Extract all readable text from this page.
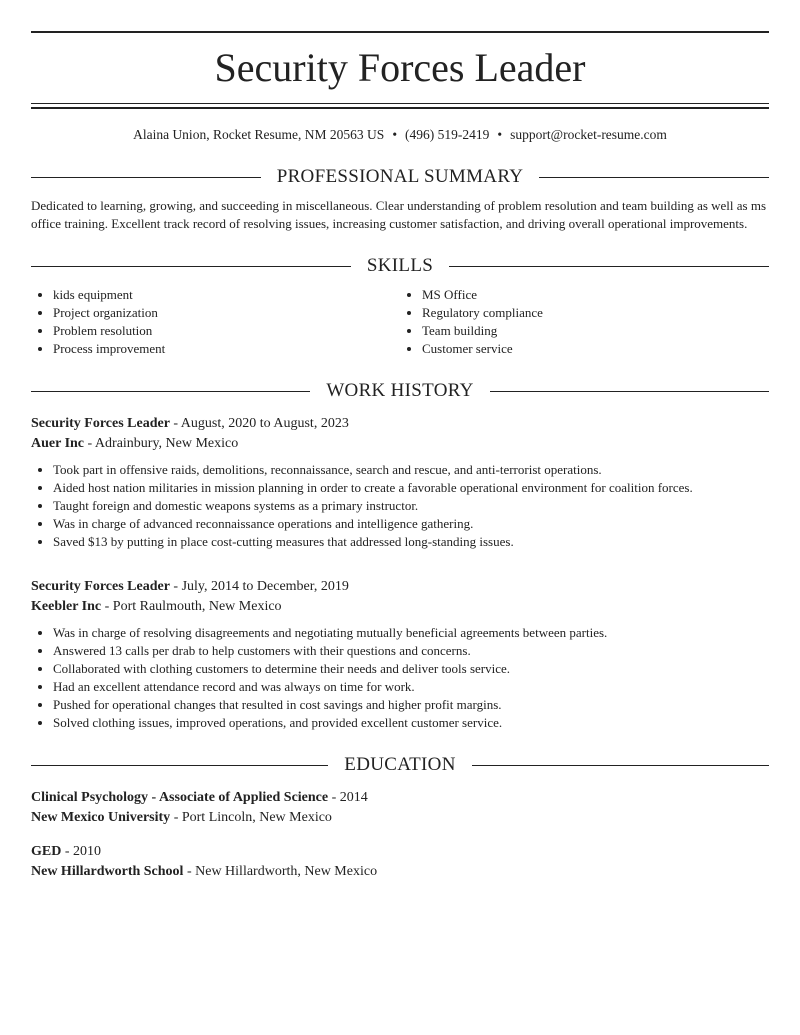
Security Forces Leader
Alaina Union, Rocket Resume, NM 20563 US • (496) 519-2419 • support@rocket-resume.com
PROFESSIONAL SUMMARY

Dedicated to learning, growing, and succeeding in miscellaneous. Clear understanding of problem resolution and team building as well as ms office training. Excellent track record of resolving issues, increasing customer satisfaction, and driving overall operational improvements.

SKILLS
• kids equipment
• Project organization
• Problem resolution
• Process improvement
• MS Office
• Regulatory compliance
• Team building
• Customer service
WORK HISTORY
Security Forces Leader - August, 2020 to August, 2023
Auer Inc - Adrainbury, New Mexico
• Took part in offensive raids, demolitions, reconnaissance, search and rescue, and anti-terrorist operations.
• Aided host nation militaries in mission planning in order to create a favorable operational environment for coalition forces.
• Taught foreign and domestic weapons systems as a primary instructor.
• Was in charge of advanced reconnaissance operations and intelligence gathering.
• Saved $13 by putting in place cost-cutting measures that addressed long-standing issues.
Security Forces Leader - July, 2014 to December, 2019
Keebler Inc - Port Raulmouth, New Mexico
• Was in charge of resolving disagreements and negotiating mutually beneficial agreements between parties.
• Answered 13 calls per drab to help customers with their questions and concerns.
• Collaborated with clothing customers to determine their needs and deliver tools service.
• Had an excellent attendance record and was always on time for work.
• Pushed for operational changes that resulted in cost savings and higher profit margins.
• Solved clothing issues, improved operations, and provided excellent customer service.
EDUCATION
Clinical Psychology - Associate of Applied Science - 2014
New Mexico University - Port Lincoln, New Mexico
GED - 2010
New Hillardworth School - New Hillardworth, New Mexico
